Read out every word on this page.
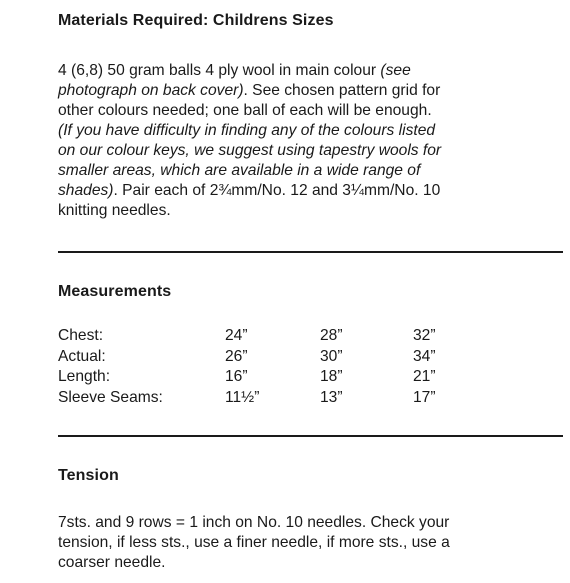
Materials Required: Childrens Sizes

4 (6,8) 50 gram balls 4 ply wool in main colour (see

photograph on back cover). See chosen pattern grid for

other colours needed; one ball of each will be enough.

(If you have difficulty in finding any of the colours listed

on our colour keys, we suggest using tapestry wools for

smaller areas, which are available in a wide range of

shades). Pair each of 2¾mm/No. 12 and 3¼mm/No. 10

knitting needles.

Measurements
Chest:	24”	28”	32”
Actual:	26”	30”	34”
Length:	16”	18”	21”
Sleeve Seams:	11½”	13”	17”
Tension

7sts. and 9 rows = 1 inch on No. 10 needles. Check your

tension, if less sts., use a finer needle, if more sts., use a

coarser needle.
